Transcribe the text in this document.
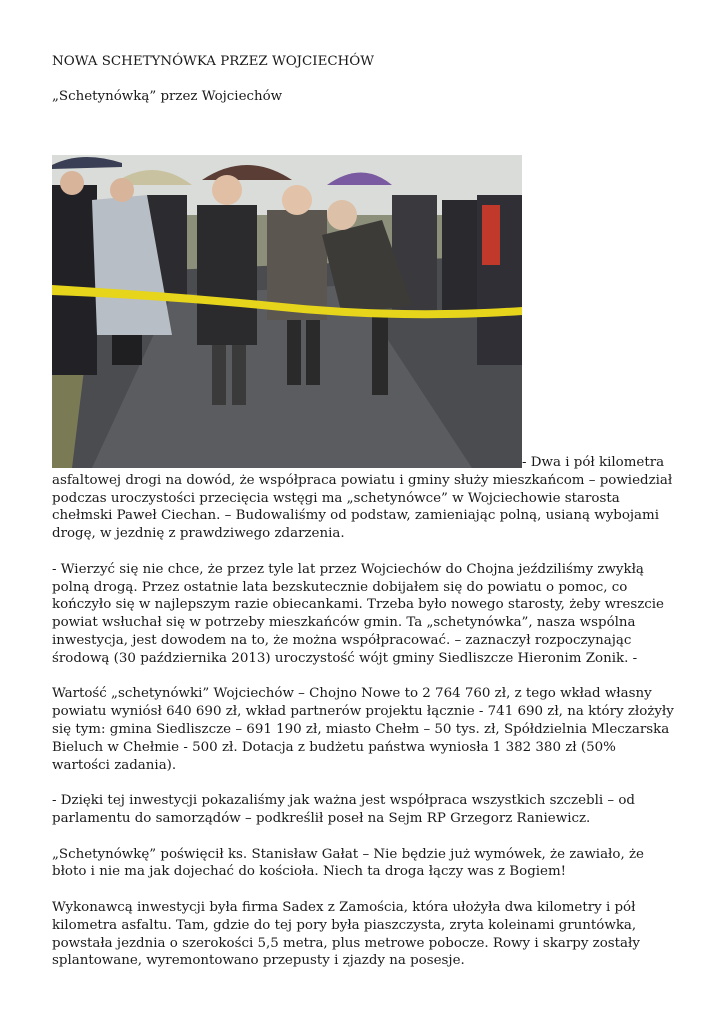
NOWA SCHETYNÓWKA PRZEZ WOJCIECHÓW
„Schetynówką” przez Wojciechów

- Dwa i pół kilometra asfaltowej drogi na dowód, że współpraca powiatu i gminy służy mieszkańcom – powiedział podczas uroczystości przecięcia wstęgi ma „schetynówce” w Wojciechowie starosta chełmski Paweł Ciechan. – Budowaliśmy od podstaw, zamieniając polną, usianą wybojami drogę, w jezdnię z prawdziwego zdarzenia.

- Wierzyć się nie chce, że przez tyle lat przez Wojciechów do Chojna jeździliśmy zwykłą polną drogą. Przez ostatnie lata bezskutecznie dobijałem się do powiatu o pomoc, co kończyło się w najlepszym razie obiecankami. Trzeba było nowego starosty, żeby wreszcie powiat wsłuchał się w potrzeby mieszkańców gmin. Ta „schetynówka”, nasza wspólna inwestycja, jest dowodem na to, że można współpracować. – zaznaczył rozpoczynając środową (30 października 2013) uroczystość wójt gminy Siedliszcze Hieronim Zonik. -

Wartość „schetynówki” Wojciechów – Chojno Nowe to 2 764 760 zł, z tego wkład własny powiatu wyniósł 640 690 zł, wkład partnerów projektu łącznie - 741 690 zł, na który złożyły się tym: gmina Siedliszcze – 691 190 zł, miasto Chełm – 50 tys. zł, Spółdzielnia Mleczarska Bieluch w Chełmie - 500 zł. Dotacja z budżetu państwa wyniosła 1 382 380 zł (50% wartości zadania).

- Dzięki tej inwestycji pokazaliśmy jak ważna jest współpraca wszystkich szczebli – od parlamentu do samorządów – podkreślił poseł na Sejm RP Grzegorz Raniewicz.

„Schetynówkę” poświęcił ks. Stanisław Gałat – Nie będzie już wymówek, że zawiało, że błoto i nie ma jak dojechać do kościoła. Niech ta droga łączy was z Bogiem!

Wykonawcą inwestycji była firma Sadex z Zamościa, która ułożyła dwa kilometry i pół kilometra asfaltu. Tam, gdzie do tej pory była piaszczysta, zryta koleinami gruntówka, powstała jezdnia o szerokości 5,5 metra, plus metrowe pobocze. Rowy i skarpy zostały splantowane, wyremontowano przepusty i zjazdy na posesje.
